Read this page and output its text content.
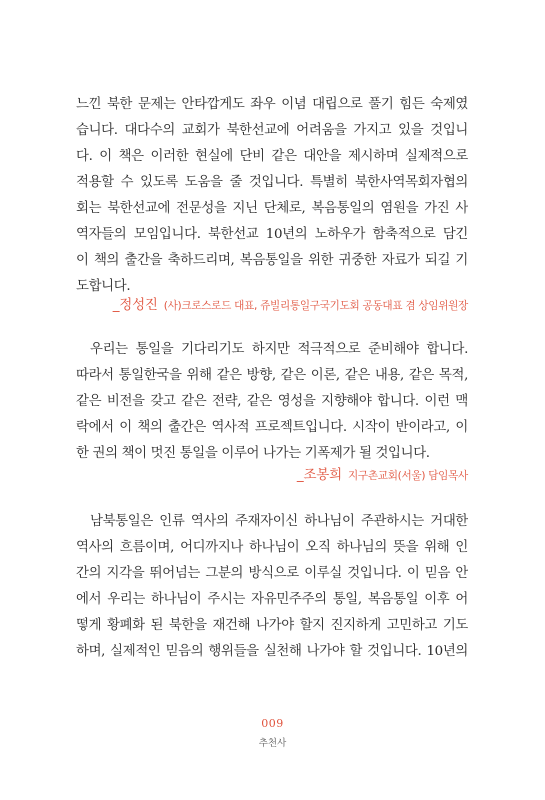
느낀 북한 문제는 안타깝게도 좌우 이념 대립으로 풀기 힘든 숙제였
습니다. 대다수의 교회가 북한선교에 어려움을 가지고 있을 것입니
다. 이 책은 이러한 현실에 단비 같은 대안을 제시하며 실제적으로
적용할 수 있도록 도움을 줄 것입니다. 특별히 북한사역목회자협의
회는 북한선교에 전문성을 지닌 단체로, 복음통일의 염원을 가진 사
역자들의 모임입니다. 북한선교 10년의 노하우가 함축적으로 담긴
이 책의 출간을 축하드리며, 복음통일을 위한 귀중한 자료가 되길 기
도합니다.
_정성진 (사)크로스로드 대표, 쥬빌리통일구국기도회 공동대표 겸 상임위원장
우리는 통일을 기다리기도 하지만 적극적으로 준비해야 합니다.
따라서 통일한국을 위해 같은 방향, 같은 이론, 같은 내용, 같은 목적,
같은 비전을 갖고 같은 전략, 같은 영성을 지향해야 합니다. 이런 맥
락에서 이 책의 출간은 역사적 프로젝트입니다. 시작이 반이라고, 이
한 권의 책이 멋진 통일을 이루어 나가는 기폭제가 될 것입니다.
_조봉희 지구촌교회(서울) 담임목사
남북통일은 인류 역사의 주재자이신 하나님이 주관하시는 거대한
역사의 흐름이며, 어디까지나 하나님이 오직 하나님의 뜻을 위해 인
간의 지각을 뛰어넘는 그분의 방식으로 이루실 것입니다. 이 믿음 안
에서 우리는 하나님이 주시는 자유민주주의 통일, 복음통일 이후 어
떻게 황폐화 된 북한을 재건해 나가야 할지 진지하게 고민하고 기도
하며, 실제적인 믿음의 행위들을 실천해 나가야 할 것입니다. 10년의
009
추천사
